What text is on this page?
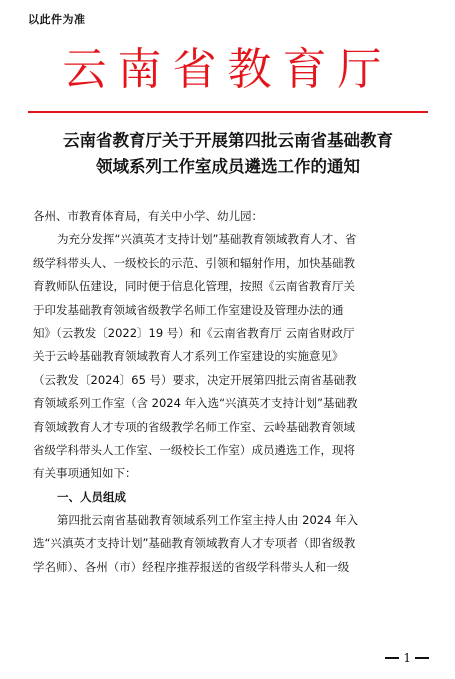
以此件为准
云南省教育厅
云南省教育厅关于开展第四批云南省基础教育
领域系列工作室成员遴选工作的通知
各州、市教育体育局，有关中小学、幼儿园：
为充分发挥“兴滇英才支持计划”基础教育领域教育人才、省
级学科带头人、一级校长的示范、引领和辐射作用，加快基础教
育教师队伍建设，同时便于信息化管理，按照《云南省教育厅关
于印发基础教育领域省级教学名师工作室建设及管理办法的通
知》（云教发〔2022〕19 号）和《云南省教育厅 云南省财政厅
关于云岭基础教育领域教育人才系列工作室建设的实施意见》
（云教发〔2024〕65 号）要求，决定开展第四批云南省基础教
育领域系列工作室（含 2024 年入选“兴滇英才支持计划”基础教
育领域教育人才专项的省级教学名师工作室、云岭基础教育领域
省级学科带头人工作室、一级校长工作室）成员遴选工作，现将
有关事项通知如下：
一、人员组成
第四批云南省基础教育领域系列工作室主持人由 2024 年入
选“兴滇英才支持计划”基础教育领域教育人才专项者（即省级教
学名师）、各州（市）经程序推荐报送的省级学科带头人和一级
1
